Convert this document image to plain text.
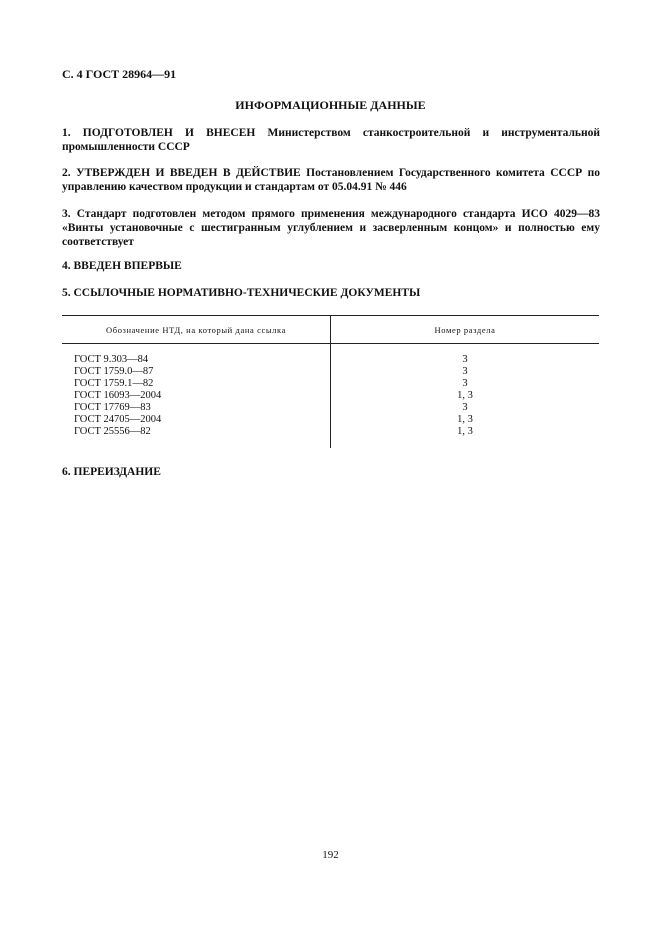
С. 4 ГОСТ 28964—91
ИНФОРМАЦИОННЫЕ ДАННЫЕ
1. ПОДГОТОВЛЕН И ВНЕСЕН Министерством станкостроительной и инструментальной промышленности СССР
2. УТВЕРЖДЕН И ВВЕДЕН В ДЕЙСТВИЕ Постановлением Государственного комитета СССР по управлению качеством продукции и стандартам от 05.04.91 № 446
3. Стандарт подготовлен методом прямого применения международного стандарта ИСО 4029—83 «Винты установочные с шестигранным углублением и засверленным концом» и полностью ему соответствует
4. ВВЕДЕН ВПЕРВЫЕ
5. ССЫЛОЧНЫЕ НОРМАТИВНО-ТЕХНИЧЕСКИЕ ДОКУМЕНТЫ
Обозначение НТД, на который дана ссылка	Номер раздела
ГОСТ 9.303—84	3
ГОСТ 1759.0—87	3
ГОСТ 1759.1—82	3
ГОСТ 16093—2004	1, 3
ГОСТ 17769—83	3
ГОСТ 24705—2004	1, 3
ГОСТ 25556—82	1, 3
6. ПЕРЕИЗДАНИЕ
192
